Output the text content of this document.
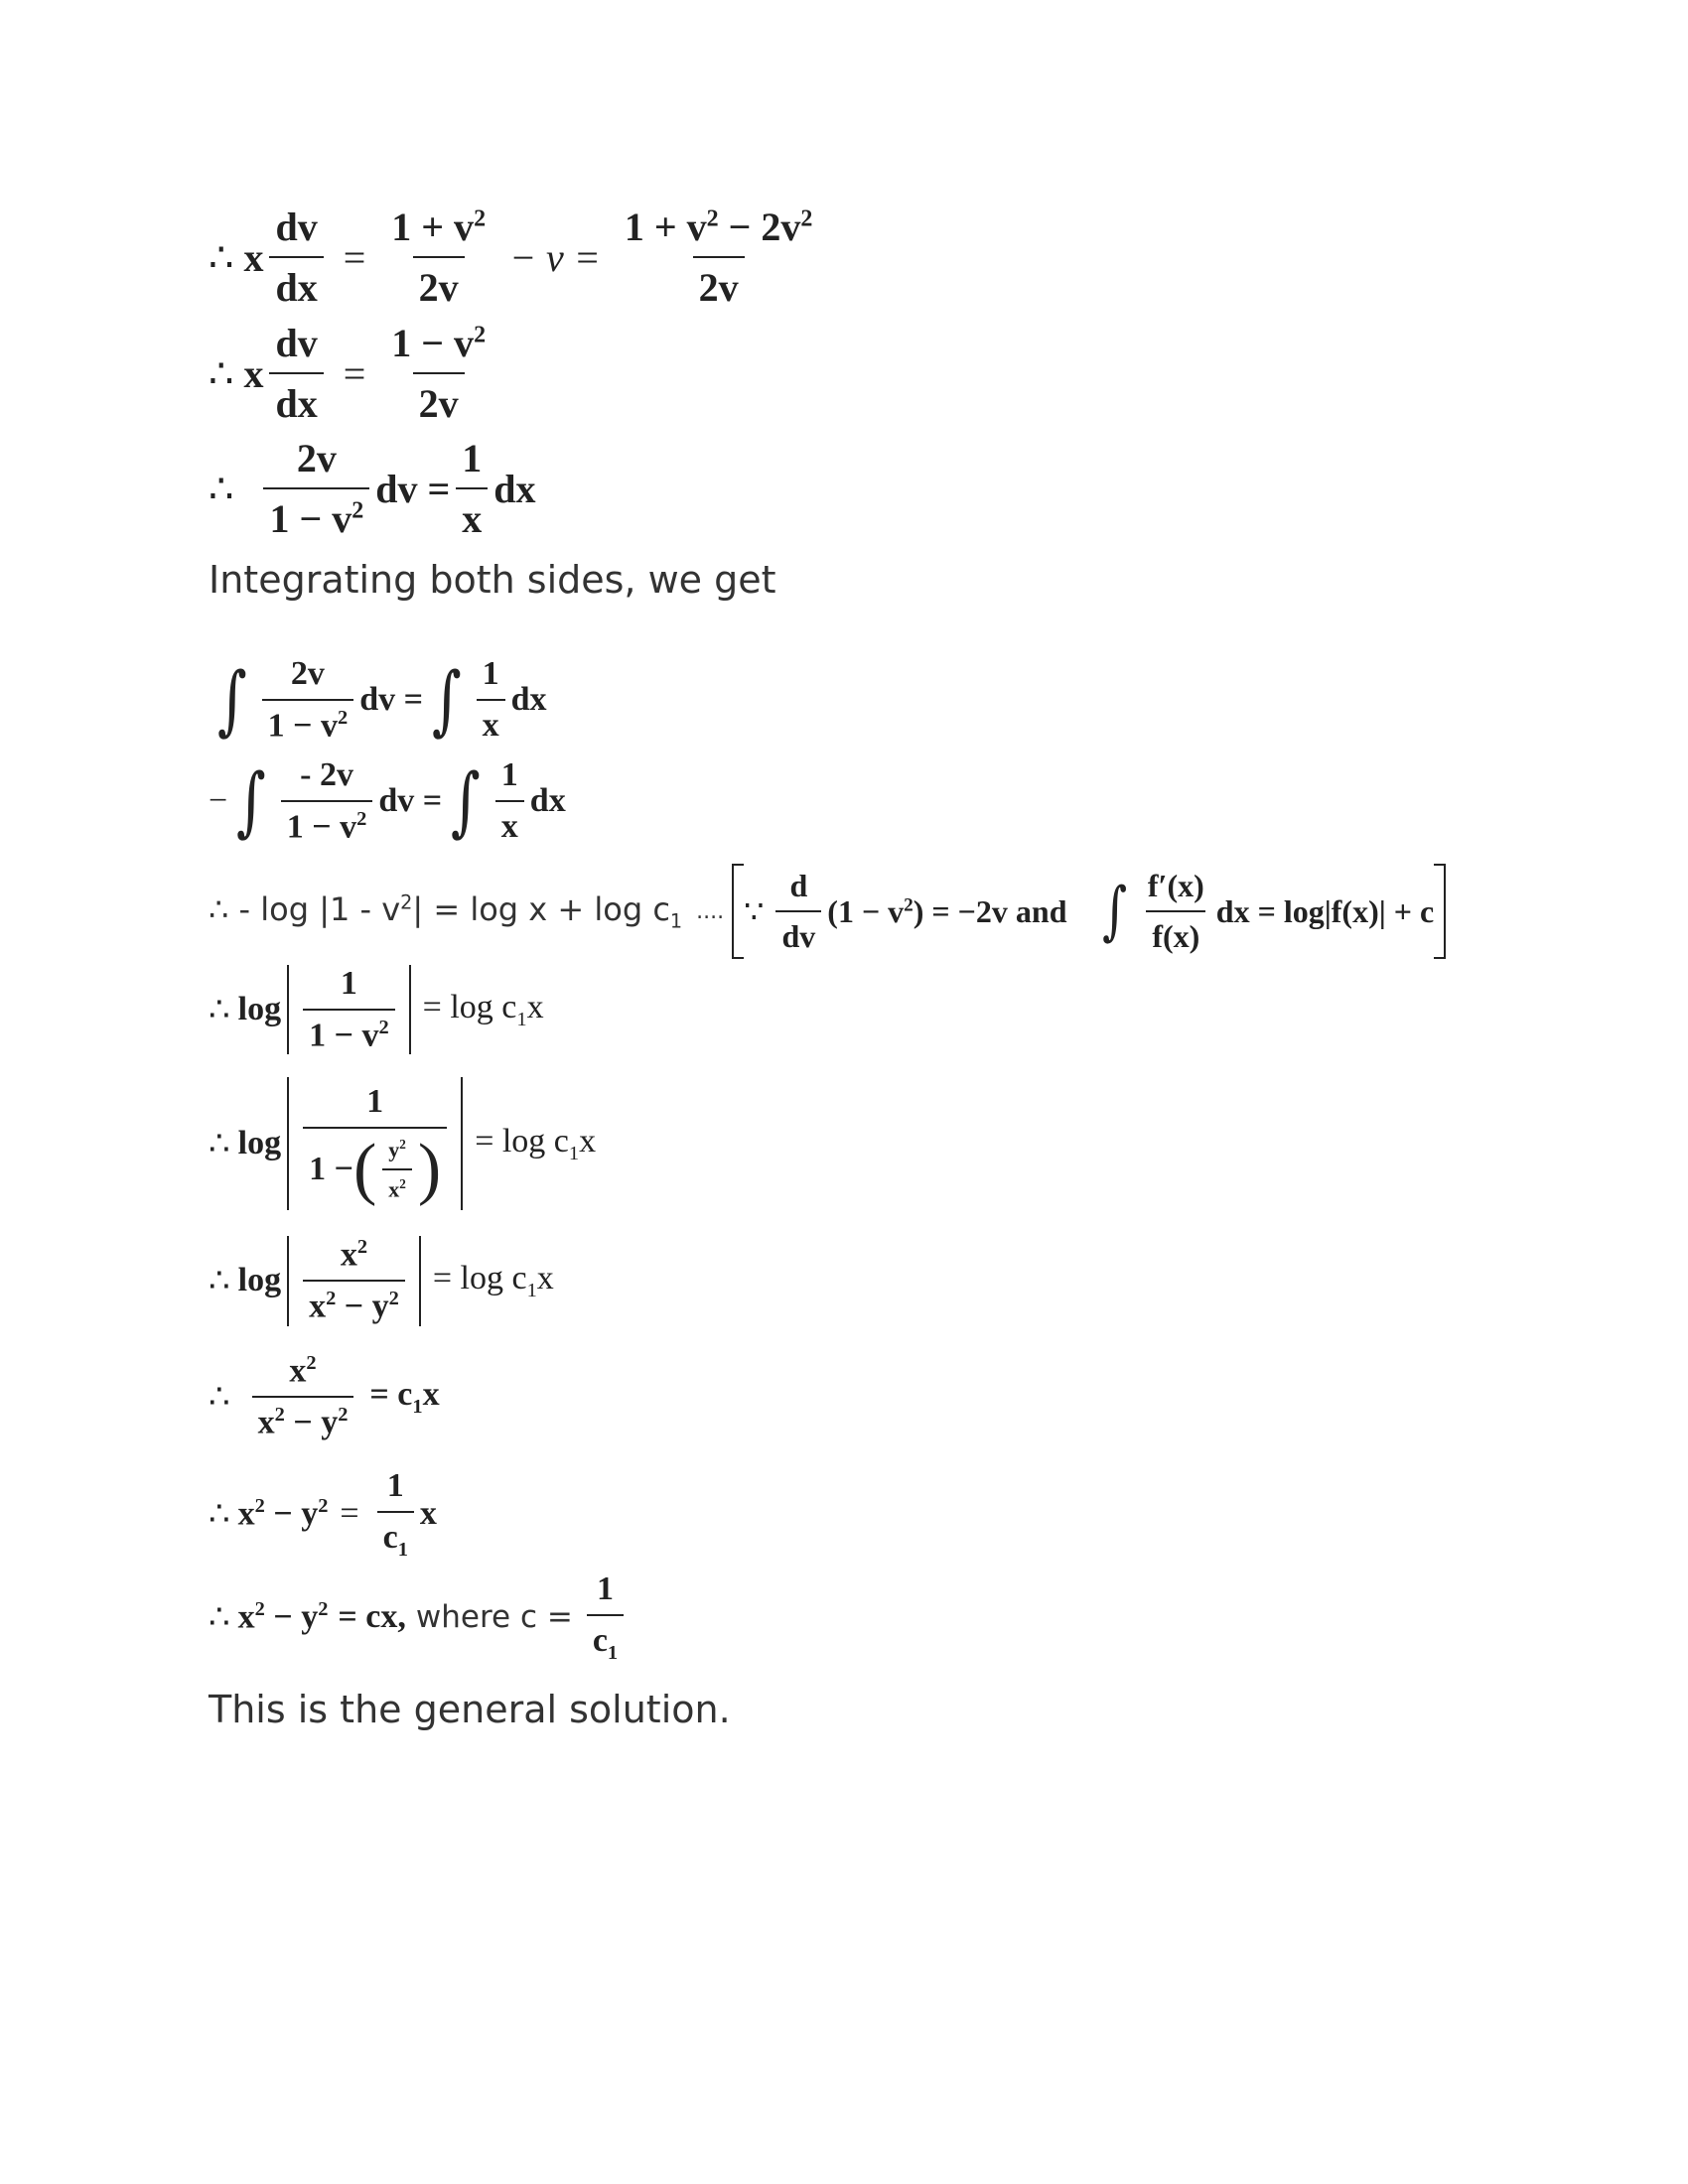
∴ x $\frac{dv}{dx} = \frac{1 + v^2}{2v} - v = \frac{1 + v^2 - 2v^2}{2v}$
∴ x $\frac{dv}{dx} = \frac{1 - v^2}{2v}$
∴ $\frac{2v}{1 - v^2}$ dv = $\frac{1}{x}$ dx
Integrating both sides, we get
∫ $\frac{2v}{1 - v^2}$ dv = ∫ $\frac{1}{x}$ dx
− ∫ $\frac{- 2v}{1 - v^2}$ dv = ∫ $\frac{1}{x}$ dx
∴ - $\log |1 - v^2| = \log x + \log c_1$ .... ∵ $\frac{d}{dv} (1 - v^2) = -2v$ and ∫ $\frac{f'(x)}{f(x)}$ dx = log|f(x)| + c
∴ $\log \frac{1}{1 - v^2} = \log c_1x$
∴ $\log \frac{1}{1 - ( \frac{y^2}{x^2} )} = \log c_1x$
∴ $\log \frac{x^2}{x^2 - y^2} = \log c_1x$
∴ $\frac{x^2}{x^2 - y^2} = c_1x$
∴ $x^2 - y^2 = \frac{1}{c_1}$ x
∴ $x^2 - y^2$ = cx, where $c = \frac{1}{c_1}$
This is the general solution.
